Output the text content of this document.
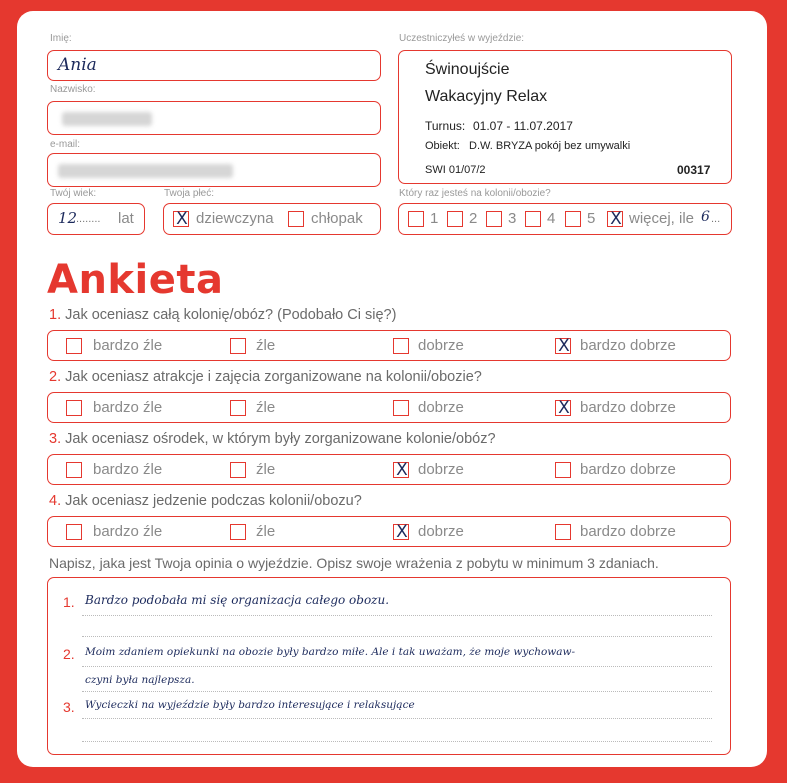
Imię:
Ania
Nazwisko:
e-mail:
Twój wiek:
12
........ lat
Twoja płeć:
X dziewczyna chłopak
Uczestniczyłeś w wyjeździe:
Świnoujście
Wakacyjny Relax
Turnus: 01.07 - 11.07.2017
Obiekt: D.W. BRYZA pokój bez umywalki
SWI 01/07/2	00317
Który raz jesteś na kolonii/obozie?
1 2 3 4 5 X więcej, ile 6 ...
Ankieta
1. Jak oceniasz całą kolonię/obóz? (Podobało Ci się?)
bardzo źle	źle	dobrze	X bardzo dobrze
2. Jak oceniasz atrakcje i zajęcia zorganizowane na kolonii/obozie?
bardzo źle	źle	dobrze	X bardzo dobrze
3. Jak oceniasz ośrodek, w którym były zorganizowane kolonie/obóz?
bardzo źle	źle	X dobrze	bardzo dobrze
4. Jak oceniasz jedzenie podczas kolonii/obozu?
bardzo źle	źle	X dobrze	bardzo dobrze
Napisz, jaka jest Twoja opinia o wyjeździe. Opisz swoje wrażenia z pobytu w minimum 3 zdaniach.
1. Bardzo podobała mi się organizacja całego obozu.
2. Moim zdaniem opiekunki na obozie były bardzo miłe. Ale i tak uważam, że moje wychowaw-
czyni była najlepsza.
3. Wycieczki na wyjeździe były bardzo interesujące i relaksujące
